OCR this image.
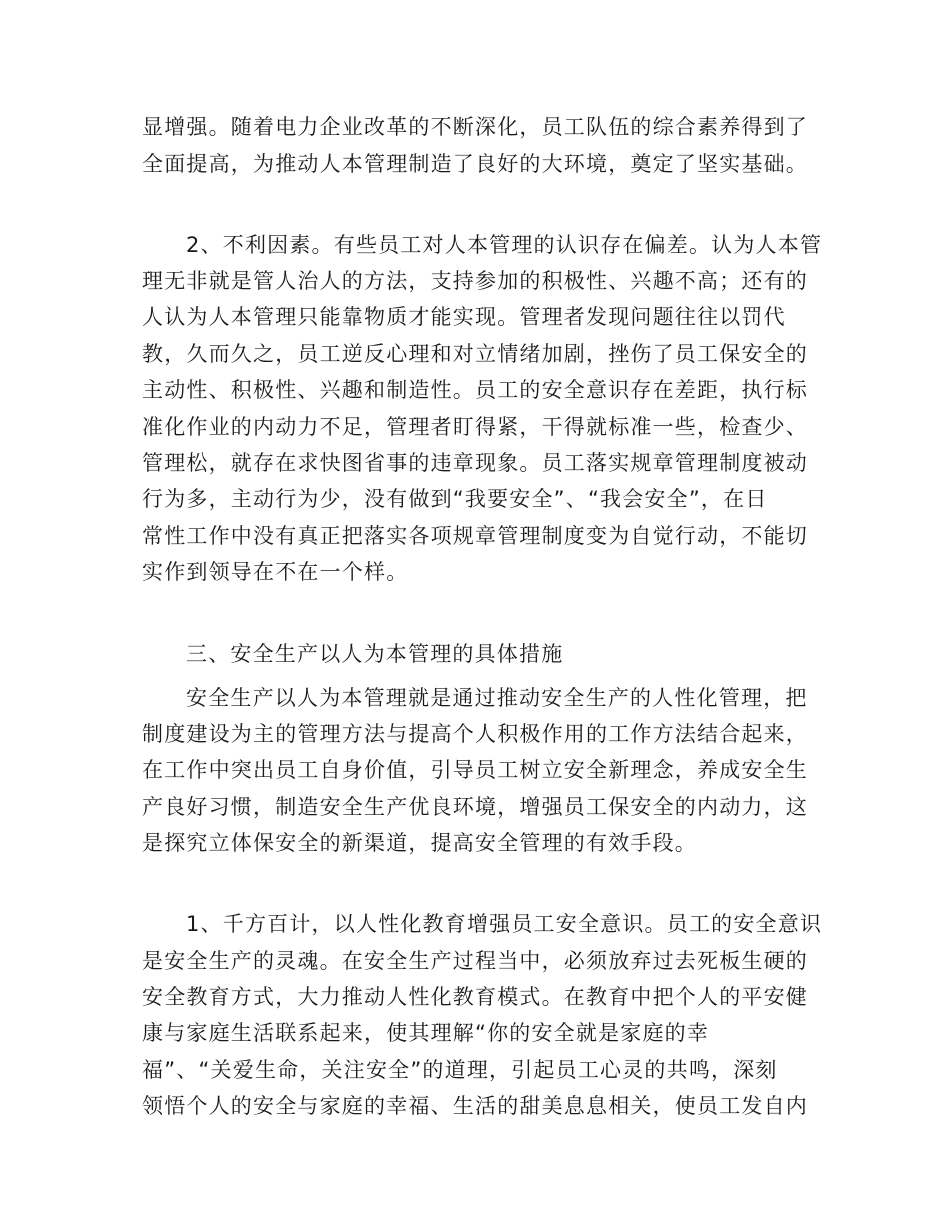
显增强。随着电力企业改革的不断深化，员工队伍的综合素养得到了
全面提高，为推动人本管理制造了良好的大环境，奠定了坚实基础。
2、不利因素。有些员工对人本管理的认识存在偏差。认为人本管
理无非就是管人治人的方法，支持参加的积极性、兴趣不高；还有的
人认为人本管理只能靠物质才能实现。管理者发现问题往往以罚代
教，久而久之，员工逆反心理和对立情绪加剧，挫伤了员工保安全的
主动性、积极性、兴趣和制造性。员工的安全意识存在差距，执行标
准化作业的内动力不足，管理者盯得紧，干得就标准一些，检查少、
管理松，就存在求快图省事的违章现象。员工落实规章管理制度被动
行为多，主动行为少，没有做到“我要安全”、“我会安全”，在日
常性工作中没有真正把落实各项规章管理制度变为自觉行动，不能切
实作到领导在不在一个样。
三、安全生产以人为本管理的具体措施
安全生产以人为本管理就是通过推动安全生产的人性化管理，把
制度建设为主的管理方法与提高个人积极作用的工作方法结合起来，
在工作中突出员工自身价值，引导员工树立安全新理念，养成安全生
产良好习惯，制造安全生产优良环境，增强员工保安全的内动力，这
是探究立体保安全的新渠道，提高安全管理的有效手段。
1、千方百计，以人性化教育增强员工安全意识。员工的安全意识
是安全生产的灵魂。在安全生产过程当中，必须放弃过去死板生硬的
安全教育方式，大力推动人性化教育模式。在教育中把个人的平安健
康与家庭生活联系起来，使其理解“你的安全就是家庭的幸
福”、“关爱生命，关注安全”的道理，引起员工心灵的共鸣，深刻
领悟个人的安全与家庭的幸福、生活的甜美息息相关，使员工发自内
